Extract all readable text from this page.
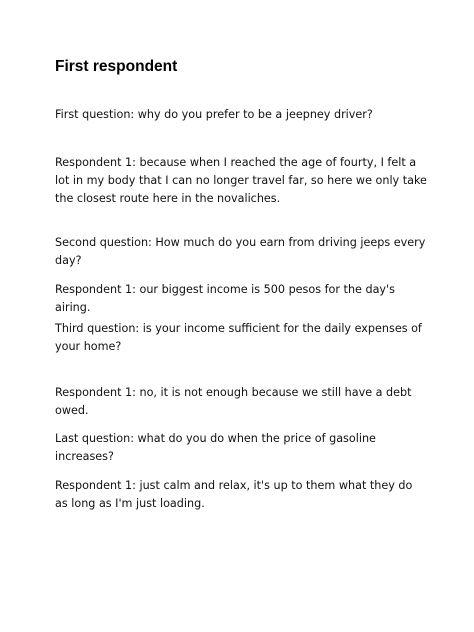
First respondent
First question: why do you prefer to be a jeepney driver?
Respondent 1: because when I reached the age of fourty, I felt a lot in my body that I can no longer travel far, so here we only take the closest route here in the novaliches.
Second question: How much do you earn from driving jeeps every day?
Respondent 1: our biggest income is 500 pesos for the day's airing.
Third question: is your income sufficient for the daily expenses of your home?
Respondent 1: no, it is not enough because we still have a debt owed.
Last question: what do you do when the price of gasoline increases?
Respondent 1: just calm and relax, it's up to them what they do as long as I'm just loading.
